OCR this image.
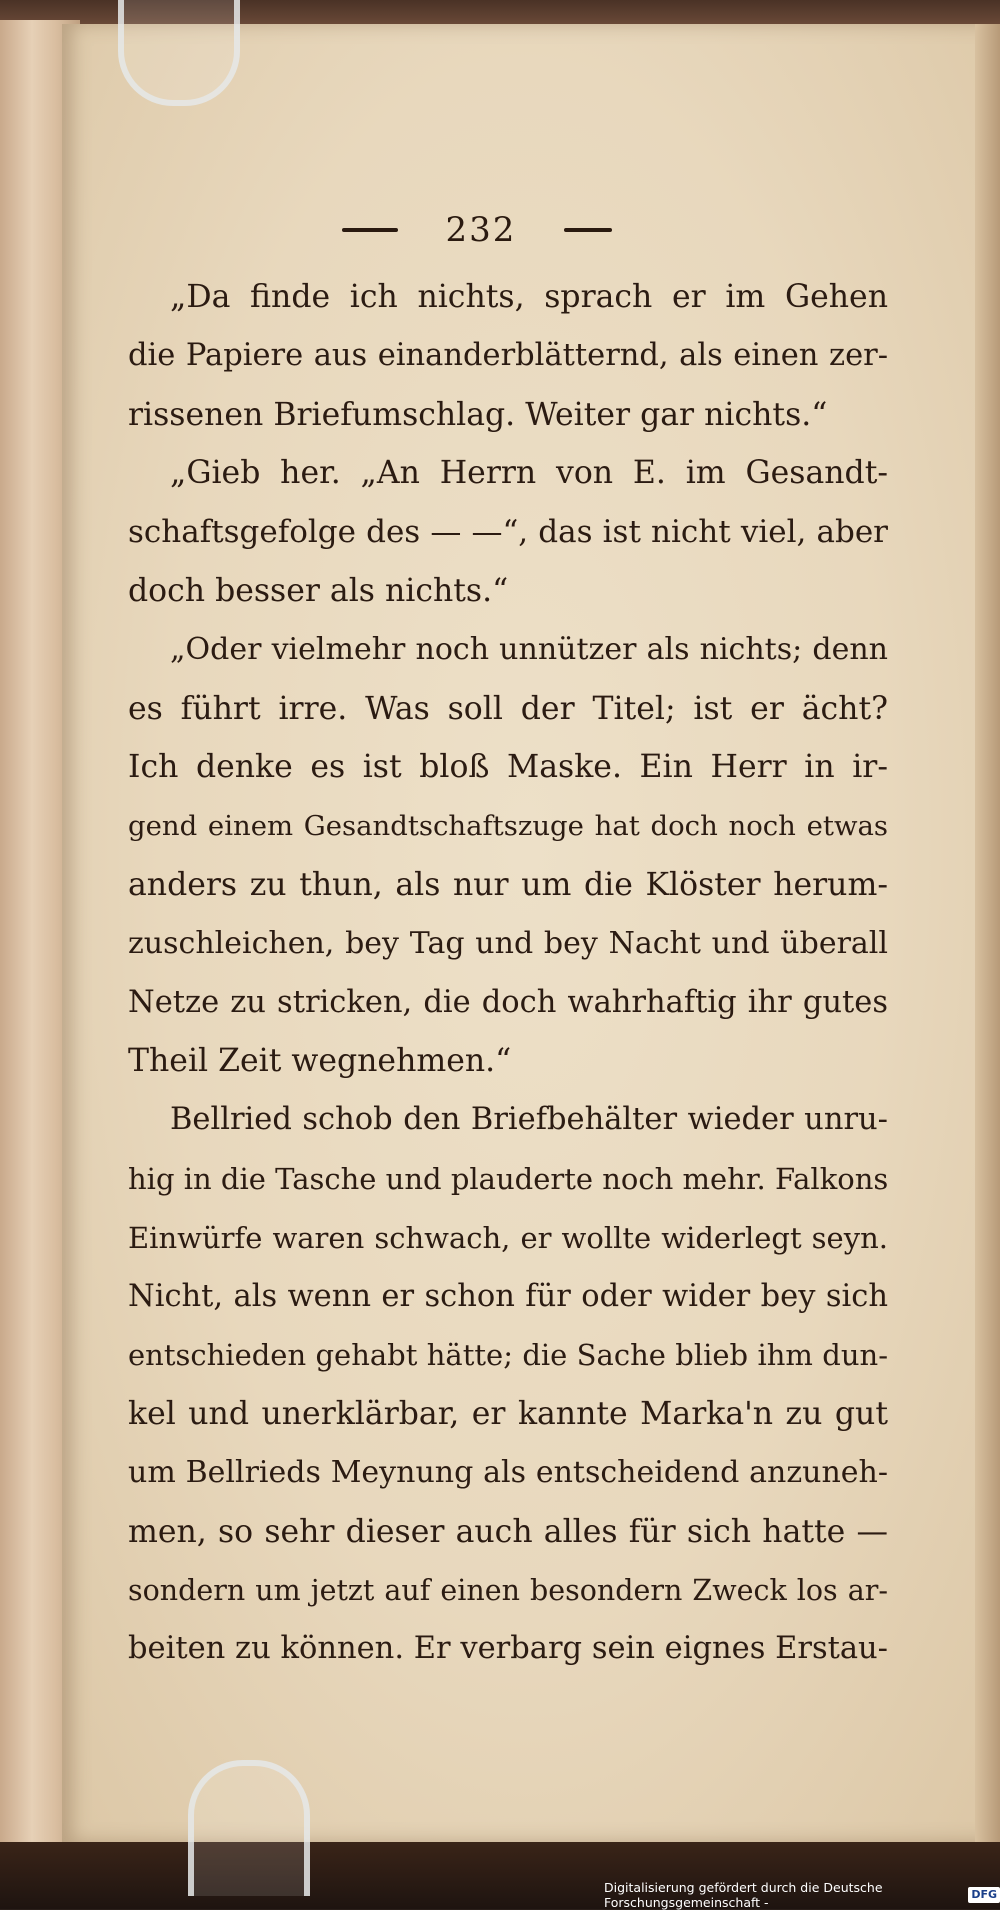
232
„Da finde ich nichts, sprach er im Gehen
die Papiere aus einanderblätternd, als einen zer-
rissenen Briefumschlag. Weiter gar nichts.“
„Gieb her. „An Herrn von E. im Gesandt-
schaftsgefolge des — —“, das ist nicht viel, aber
doch besser als nichts.“
„Oder vielmehr noch unnützer als nichts; denn
es führt irre. Was soll der Titel; ist er ächt?
Ich denke es ist bloß Maske. Ein Herr in ir-
gend einem Gesandtschaftszuge hat doch noch etwas
anders zu thun, als nur um die Klöster herum-
zuschleichen, bey Tag und bey Nacht und überall
Netze zu stricken, die doch wahrhaftig ihr gutes
Theil Zeit wegnehmen.“
Bellried schob den Briefbehälter wieder unru-
hig in die Tasche und plauderte noch mehr. Falkons
Einwürfe waren schwach, er wollte widerlegt seyn.
Nicht, als wenn er schon für oder wider bey sich
entschieden gehabt hätte; die Sache blieb ihm dun-
kel und unerklärbar, er kannte Marka'n zu gut
um Bellrieds Meynung als entscheidend anzuneh-
men, so sehr dieser auch alles für sich hatte —
sondern um jetzt auf einen besondern Zweck los ar-
beiten zu können. Er verbarg sein eignes Erstau-
Digitalisierung gefördert durch die Deutsche Forschungsgemeinschaft -
DFG
